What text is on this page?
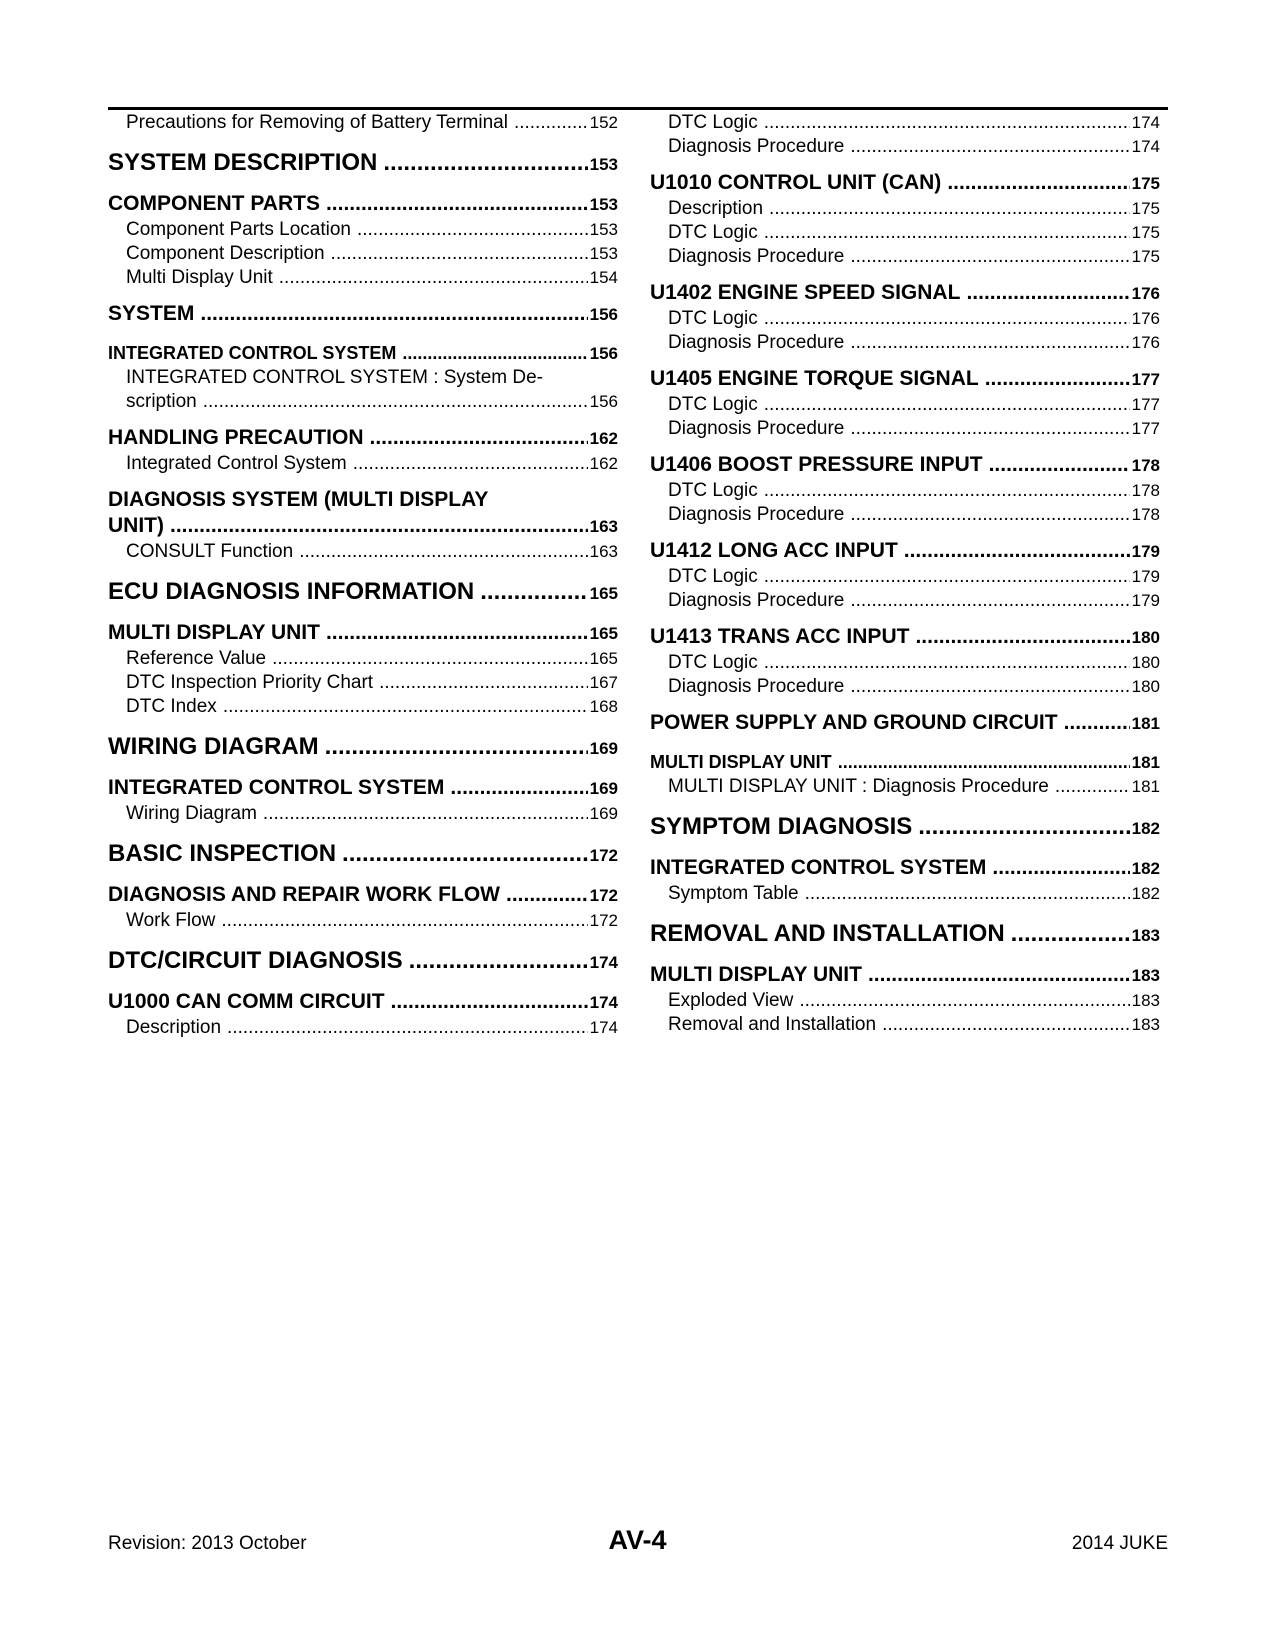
Precautions for Removing of Battery Terminal .....	152
SYSTEM DESCRIPTION .....	153
COMPONENT PARTS .....	153
Component Parts Location .....	153
Component Description .....	153
Multi Display Unit .....	154
SYSTEM .....	156
INTEGRATED CONTROL SYSTEM .....	156
INTEGRATED CONTROL SYSTEM : System De-
scription .....	156
HANDLING PRECAUTION .....	162
Integrated Control System .....	162
DIAGNOSIS SYSTEM (MULTI DISPLAY
UNIT) .....	163
CONSULT Function .....	163
ECU DIAGNOSIS INFORMATION .....	165
MULTI DISPLAY UNIT .....	165
Reference Value .....	165
DTC Inspection Priority Chart .....	167
DTC Index .....	168
WIRING DIAGRAM .....	169
INTEGRATED CONTROL SYSTEM .....	169
Wiring Diagram .....	169
BASIC INSPECTION .....	172
DIAGNOSIS AND REPAIR WORK FLOW .....	172
Work Flow .....	172
DTC/CIRCUIT DIAGNOSIS .....	174
U1000 CAN COMM CIRCUIT .....	174
Description .....	174
DTC Logic .....	174
Diagnosis Procedure .....	174
U1010 CONTROL UNIT (CAN) .....	175
Description .....	175
DTC Logic .....	175
Diagnosis Procedure .....	175
U1402 ENGINE SPEED SIGNAL .....	176
DTC Logic .....	176
Diagnosis Procedure .....	176
U1405 ENGINE TORQUE SIGNAL .....	177
DTC Logic .....	177
Diagnosis Procedure .....	177
U1406 BOOST PRESSURE INPUT .....	178
DTC Logic .....	178
Diagnosis Procedure .....	178
U1412 LONG ACC INPUT .....	179
DTC Logic .....	179
Diagnosis Procedure .....	179
U1413 TRANS ACC INPUT .....	180
DTC Logic .....	180
Diagnosis Procedure .....	180
POWER SUPPLY AND GROUND CIRCUIT .....	181
MULTI DISPLAY UNIT .....	181
MULTI DISPLAY UNIT : Diagnosis Procedure .....	181
SYMPTOM DIAGNOSIS .....	182
INTEGRATED CONTROL SYSTEM .....	182
Symptom Table .....	182
REMOVAL AND INSTALLATION .....	183
MULTI DISPLAY UNIT .....	183
Exploded View .....	183
Removal and Installation .....	183
Revision: 2013 October	AV-4	2014 JUKE
